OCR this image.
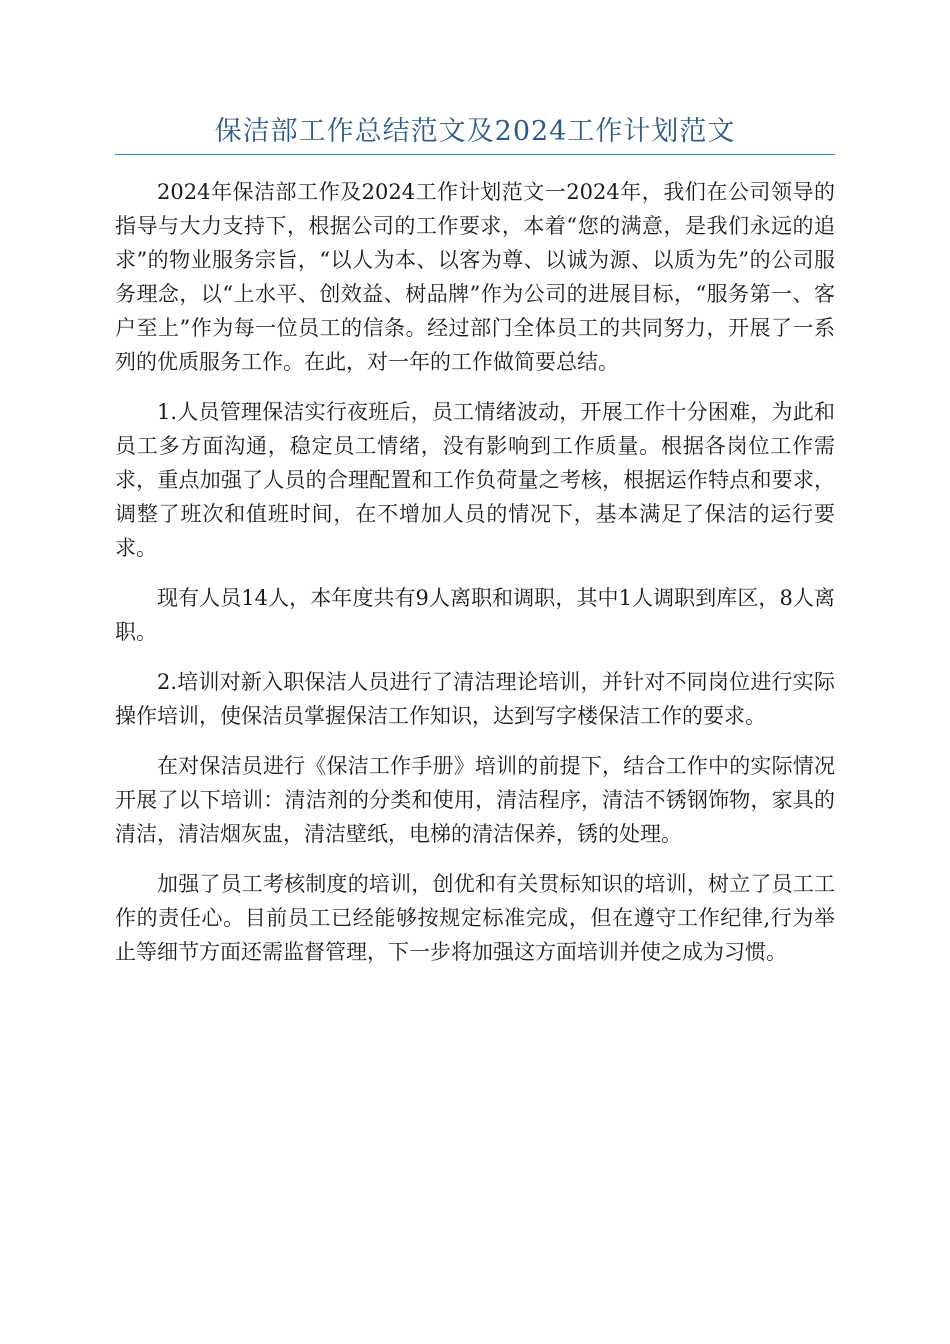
保洁部工作总结范文及2024工作计划范文

2024年保洁部工作及2024工作计划范文一2024年，我们在公司领导的指导与大力支持下，根据公司的工作要求，本着“您的满意，是我们永远的追求”的物业服务宗旨，“以人为本、以客为尊、以诚为源、以质为先”的公司服务理念，以“上水平、创效益、树品牌”作为公司的进展目标，“服务第一、客户至上”作为每一位员工的信条。经过部门全体员工的共同努力，开展了一系列的优质服务工作。在此，对一年的工作做简要总结。

1.人员管理保洁实行夜班后，员工情绪波动，开展工作十分困难，为此和员工多方面沟通，稳定员工情绪，没有影响到工作质量。根据各岗位工作需求，重点加强了人员的合理配置和工作负荷量之考核，根据运作特点和要求，调整了班次和值班时间，在不增加人员的情况下，基本满足了保洁的运行要求。

现有人员14人，本年度共有9人离职和调职，其中1人调职到库区，8人离职。

2.培训对新入职保洁人员进行了清洁理论培训，并针对不同岗位进行实际操作培训，使保洁员掌握保洁工作知识，达到写字楼保洁工作的要求。

在对保洁员进行《保洁工作手册》培训的前提下，结合工作中的实际情况开展了以下培训：清洁剂的分类和使用，清洁程序，清洁不锈钢饰物，家具的清洁，清洁烟灰盅，清洁壁纸，电梯的清洁保养，锈的处理。

加强了员工考核制度的培训，创优和有关贯标知识的培训，树立了员工工作的责任心。目前员工已经能够按规定标准完成，但在遵守工作纪律,行为举止等细节方面还需监督管理，下一步将加强这方面培训并使之成为习惯。
